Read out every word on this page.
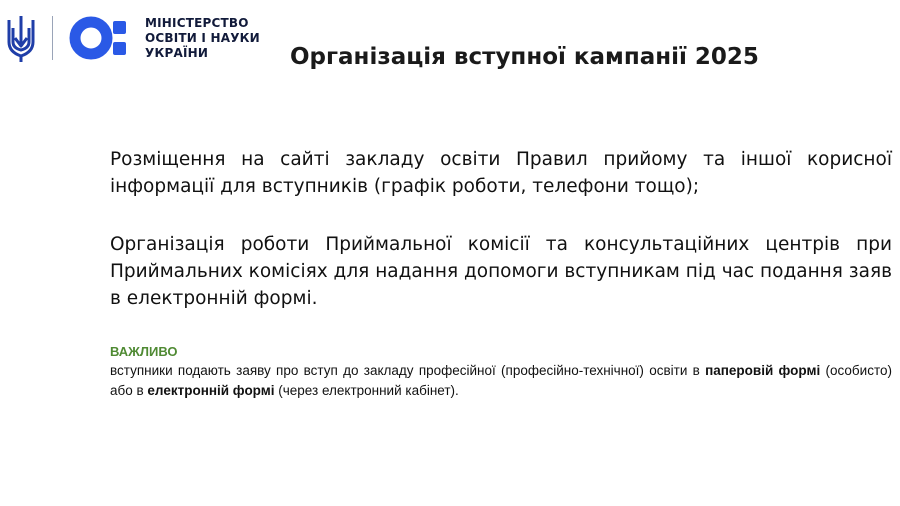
МІНІСТЕРСТВО
ОСВІТИ І НАУКИ
УКРАЇНИ	Організація вступної кампанії 2025

Розміщення на сайті закладу освіти Правил прийому та іншої корисної інформації для вступників (графік роботи, телефони тощо);

Організація роботи Приймальної комісії та консультаційних центрів при Приймальних комісіях для надання допомоги вступникам під час подання заяв в електронній формі.

ВАЖЛИВО

вступники подають заяву про вступ до закладу професійної (професійно-технічної) освіти в паперовій формі (особисто) або в електронній формі (через електронний кабінет).
